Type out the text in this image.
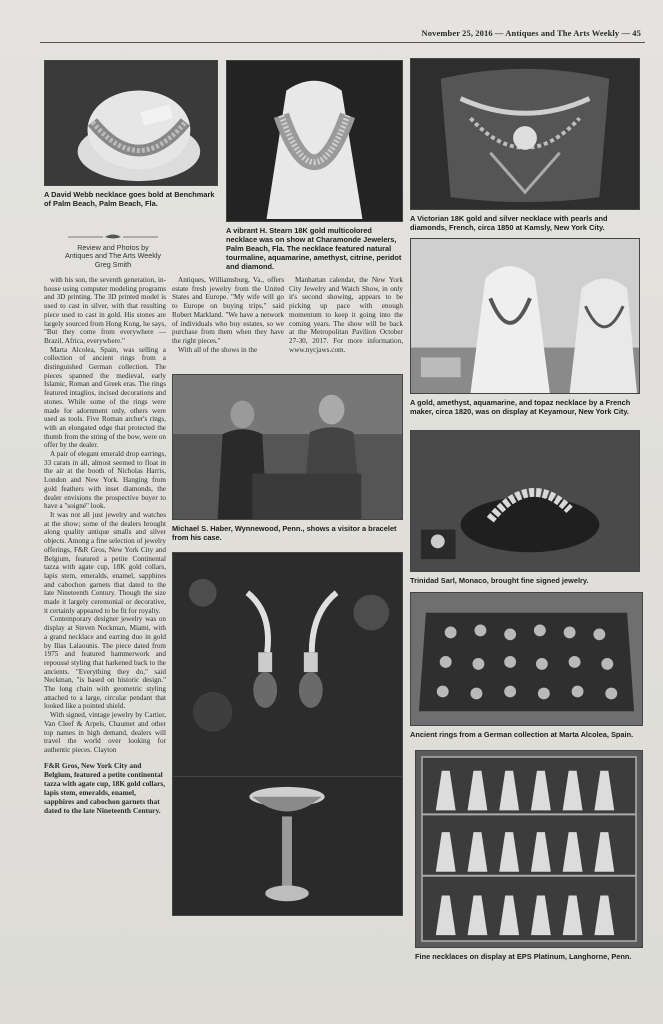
November 25, 2016 — Antiques and The Arts Weekly — 45
A David Webb necklace goes bold at Benchmark of Palm Beach, Palm Beach, Fla.
Review and Photos by
Antiques and The Arts Weekly
Greg Smith
A vibrant H. Stearn 18K gold multicolored necklace was on show at Charamonde Jewelers, Palm Beach, Fla. The necklace featured natural tourmaline, aquamarine, amethyst, citrine, peridot and diamond.
A Victorian 18K gold and silver necklace with pearls and diamonds, French, circa 1850 at Kamsly, New York City.
A gold, amethyst, aquamarine, and topaz necklace by a French maker, circa 1820, was on display at Keyamour, New York City.
Michael S. Haber, Wynnewood, Penn., shows a visitor a bracelet from his case.
Trinidad Sarl, Monaco, brought fine signed jewelry.
Ancient rings from a German collection at Marta Alcolea, Spain.
Fine necklaces on display at EPS Platinum, Langhorne, Penn.

with his son, the seventh generation, in-house using computer modeling programs and 3D printing. The 3D printed model is used to cast in silver, with that resulting piece used to cast in gold. His stones are largely sourced from Hong Kong, he says, "But they come from everywhere — Brazil, Africa, everywhere."

Marta Alcolea, Spain, was selling a collection of ancient rings from a distinguished German collection. The pieces spanned the medieval, early Islamic, Roman and Greek eras. The rings featured intaglios, incised decorations and stones. While some of the rings were made for adornment only, others were used as tools. Five Roman archer's rings, with an elongated edge that protected the thumb from the string of the bow, were on offer by the dealer.

A pair of elegant emerald drop earrings, 33 carats in all, almost seemed to float in the air at the booth of Nicholas Harris, London and New York. Hanging from gold feathers with inset diamonds, the dealer envisions the prospective buyer to have a "soigné" look.

It was not all just jewelry and watches at the show; some of the dealers brought along quality antique smalls and silver objects. Among a fine selection of jewelry offerings, F&R Gros, New York City and Belgium, featured a petite Continental tazza with agate cup, 18K gold collars, lapis stem, emeralds, enamel, sapphires and cabochon garnets that dated to the late Nineteenth Century. Though the size made it largely ceremonial or decorative, it certainly appeared to be fit for royalty.

Contemporary designer jewelry was on display at Steven Neckman, Miami, with a grand necklace and earring duo in gold by Ilias Lalaounis. The piece dated from 1975 and featured hammerwork and repoussé styling that harkened back to the ancients. "Everything they do," said Neckman, "is based on historic design." The long chain with geometric styling attached to a large, circular pendant that looked like a pointed shield.

With signed, vintage jewelry by Cartier, Van Cleef & Arpels, Chaumet and other top names in high demand, dealers will travel the world over looking for authentic pieces. Clayton

F&R Gros, New York City and Belgium, featured a petite continental tazza with agate cup, 18K gold collars, lapis stem, emeralds, enamel, sapphires and cabochon garnets that dated to the late Nineteenth Century.

Antiques, Williamsburg, Va., offers estate fresh jewelry from the United States and Europe. "My wife will go to Europe on buying trips," said Robert Markland. "We have a network of individuals who buy estates, so we purchase from them when they have the right pieces."

With all of the shows in the

Manhattan calendar, the New York City Jewelry and Watch Show, in only it's second showing, appears to be picking up pace with enough momentum to keep it going into the coming years. The show will be back at the Metropolitan Pavilion October 27-30, 2017. For more information, www.nycjaws.com.
